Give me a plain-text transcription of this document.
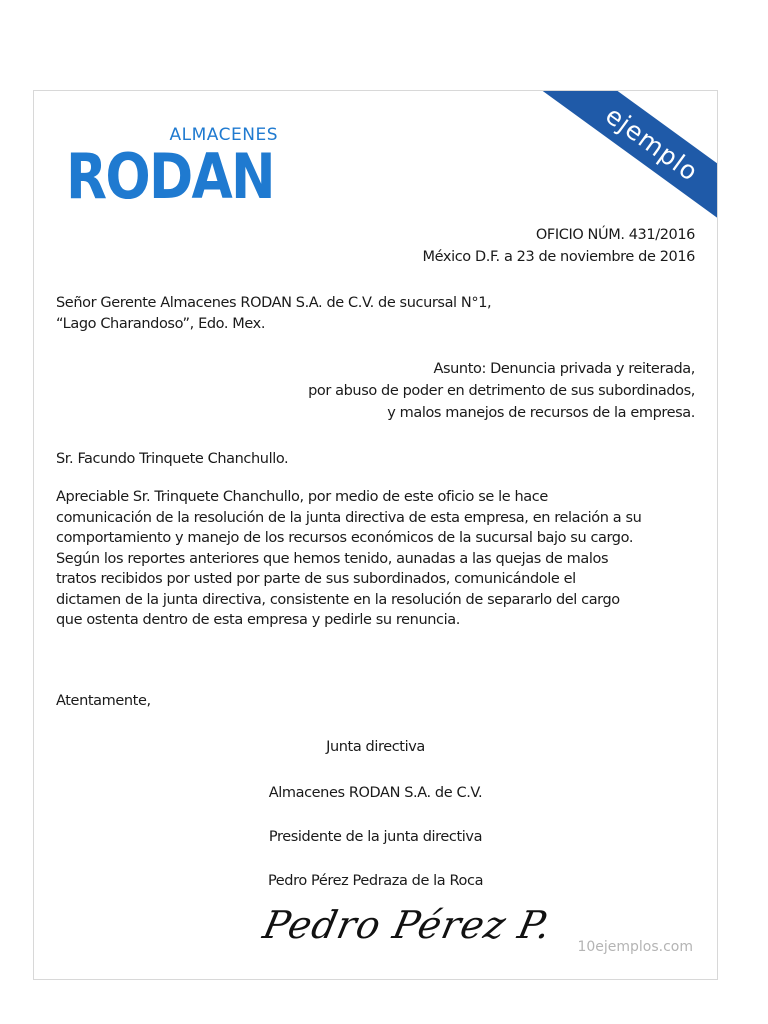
ejemplo
ALMACENES
RODAN
OFICIO NÚM. 431/2016
México D.F. a 23 de noviembre de 2016
Señor Gerente Almacenes RODAN S.A. de C.V. de sucursal N°1,
“Lago Charandoso”, Edo. Mex.
Asunto: Denuncia privada y reiterada,
por abuso de poder en detrimento de sus subordinados,
y malos manejos de recursos de la empresa.
Sr. Facundo Trinquete Chanchullo.
Apreciable Sr. Trinquete Chanchullo, por medio de este oficio se le hace
comunicación de la resolución de la junta directiva de esta empresa, en relación a su
comportamiento y manejo de los recursos económicos de la sucursal bajo su cargo.
Según los reportes anteriores que hemos tenido, aunadas a las quejas de malos
tratos recibidos por usted por parte de sus subordinados, comunicándole el
dictamen de la junta directiva, consistente en la resolución de separarlo del cargo
que ostenta dentro de esta empresa y pedirle su renuncia.
Atentamente,
Junta directiva
Almacenes RODAN S.A. de C.V.
Presidente de la junta directiva
Pedro Pérez Pedraza de la Roca
Pedro Pérez P. 10ejemplos.com
